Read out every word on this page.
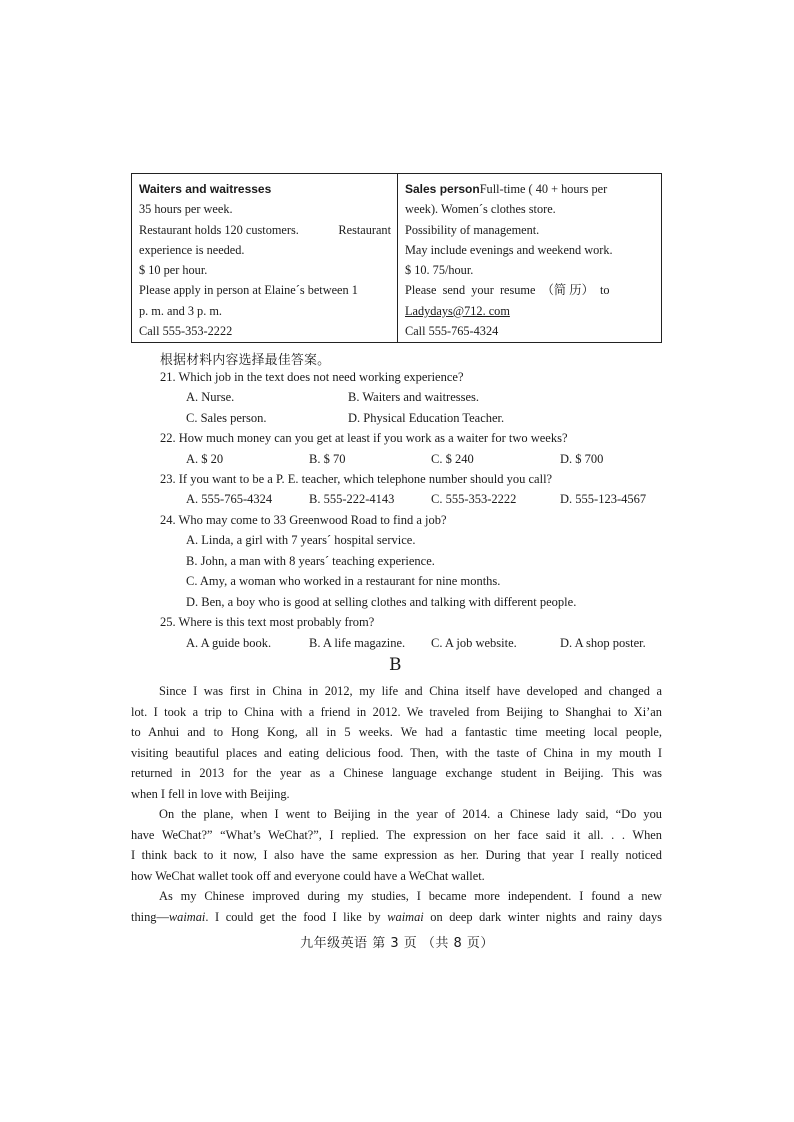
Waiters and waitresses
35 hours per week.
Restaurant holds 120 customers.	Restaurant
experience is needed.
$ 10 per hour.
Please apply in person at Elaine´s between 1
p. m. and 3 p. m.
Call 555-353-2222
Sales personFull-time ( 40 + hours per
week). Women´s clothes store.
Possibility of management.
May include evenings and weekend work.
$ 10. 75/hour.
Please  send  your  resume  （简 历）  to
Ladydays@712. com
Call 555-765-4324
根据材料内容选择最佳答案。
21. Which job in the text does not need working experience?
A. Nurse.	B. Waiters and waitresses.
C. Sales person.	D. Physical Education Teacher.
22. How much money can you get at least if you work as a waiter for two weeks?
A. $ 20	B. $ 70	C. $ 240	D. $ 700
23. If you want to be a P. E. teacher, which telephone number should you call?
A. 555-765-4324	B. 555-222-4143	C. 555-353-2222	D. 555-123-4567
24. Who may come to 33 Greenwood Road to find a job?
A. Linda, a girl with 7 years´ hospital service.
B. John, a man with 8 years´ teaching experience.
C. Amy, a woman who worked in a restaurant for nine months.
D. Ben, a boy who is good at selling clothes and talking with different people.
25. Where is this text most probably from?
A. A guide book.	B. A life magazine. C. A job website.	D. A shop poster.
B
Since I was first in China in 2012, my life and China itself have developed and changed a
lot. I took a trip to China with a friend in 2012. We traveled from Beijing to Shanghai to Xi’an
to Anhui and to Hong Kong, all in 5 weeks. We had a fantastic time meeting local people,
visiting beautiful places and eating delicious food. Then, with the taste of China in my mouth I
returned in 2013 for the year as a Chinese language exchange student in Beijing. This was
when I fell in love with Beijing.
On the plane, when I went to Beijing in the year of 2014. a Chinese lady said, “Do you
have WeChat?” “What’s WeChat?”, I replied. The expression on her face said it all. . . When
I think back to it now, I also have the same expression as her. During that year I really noticed
how WeChat wallet took off and everyone could have a WeChat wallet.
As my Chinese improved during my studies, I became more independent. I found a new
thing—waimai. I could get the food I like by waimai on deep dark winter nights and rainy days
九年级英语 第 3 页 （共 8 页）
